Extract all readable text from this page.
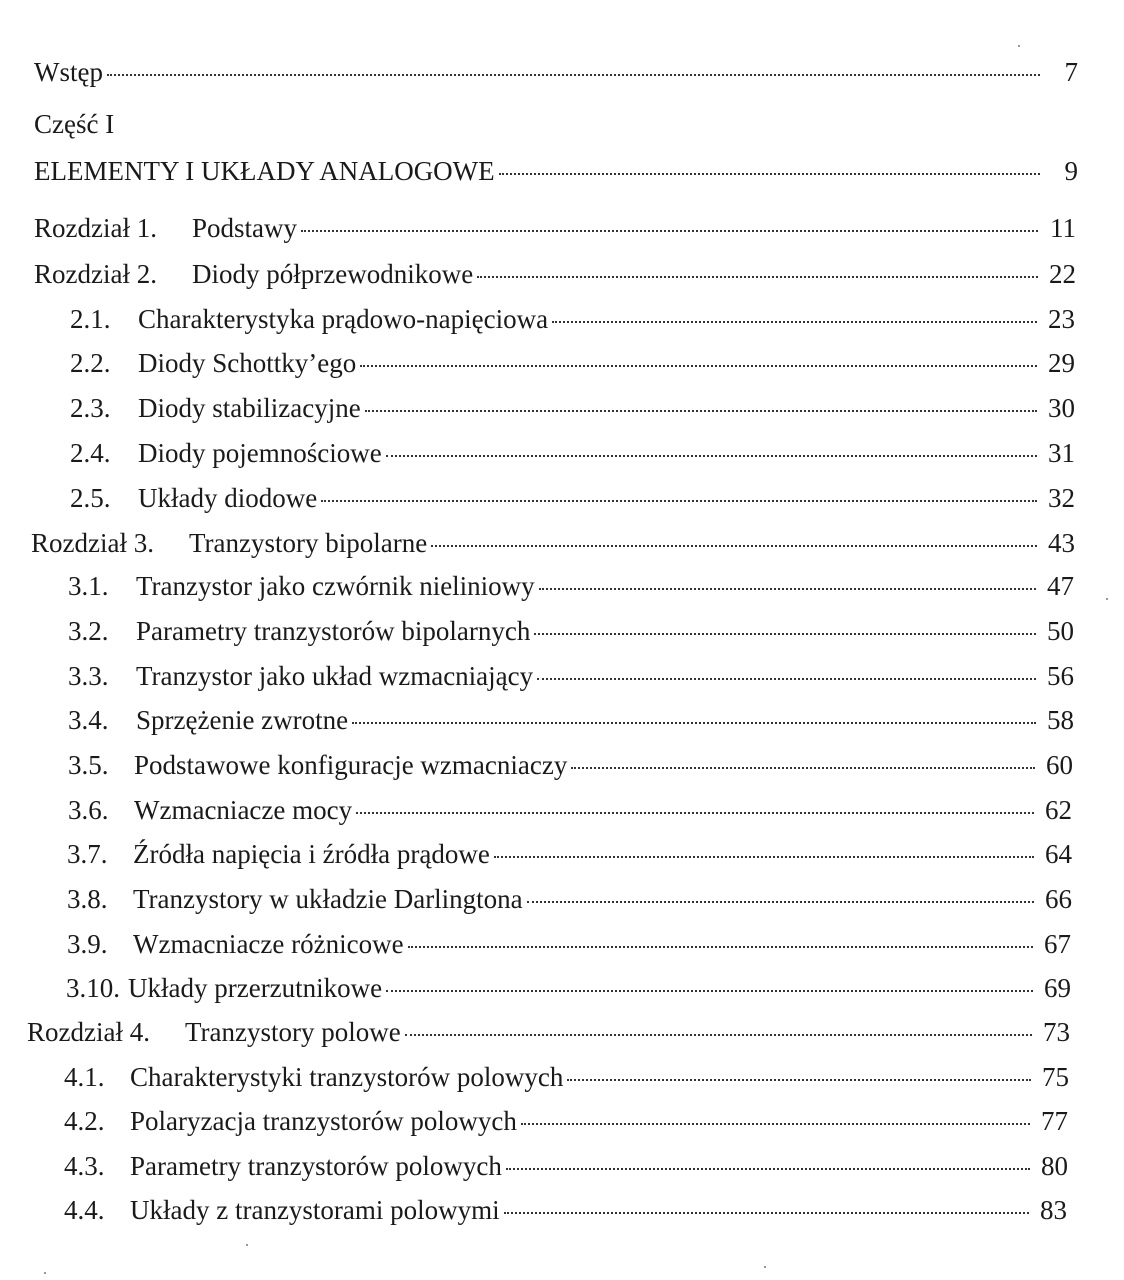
Wstęp	7
Część I
ELEMENTY I UKŁADY ANALOGOWE	9
Rozdział 1.	Podstawy	11
Rozdział 2.	Diody półprzewodnikowe	22
2.1.	Charakterystyka prądowo-napięciowa	23
2.2.	Diody Schottky’ego	29
2.3.	Diody stabilizacyjne	30
2.4.	Diody pojemnościowe	31
2.5.	Układy diodowe	32
Rozdział 3.	Tranzystory bipolarne	43
3.1.	Tranzystor jako czwórnik nieliniowy	47
3.2.	Parametry tranzystorów bipolarnych	50
3.3.	Tranzystor jako układ wzmacniający	56
3.4.	Sprzężenie zwrotne	58
3.5. Podstawowe konfiguracje wzmacniaczy	60
3.6. Wzmacniacze mocy	62
3.7. Źródła napięcia i źródła prądowe	64
3.8. Tranzystory w układzie Darlingtona	66
3.9. Wzmacniacze różnicowe	67
3.10. Układy przerzutnikowe	69
Rozdział 4.	Tranzystory polowe	73
4.1. Charakterystyki tranzystorów polowych	75
4.2. Polaryzacja tranzystorów polowych	77
4.3. Parametry tranzystorów polowych	80
4.4. Układy z tranzystorami polowymi	83
